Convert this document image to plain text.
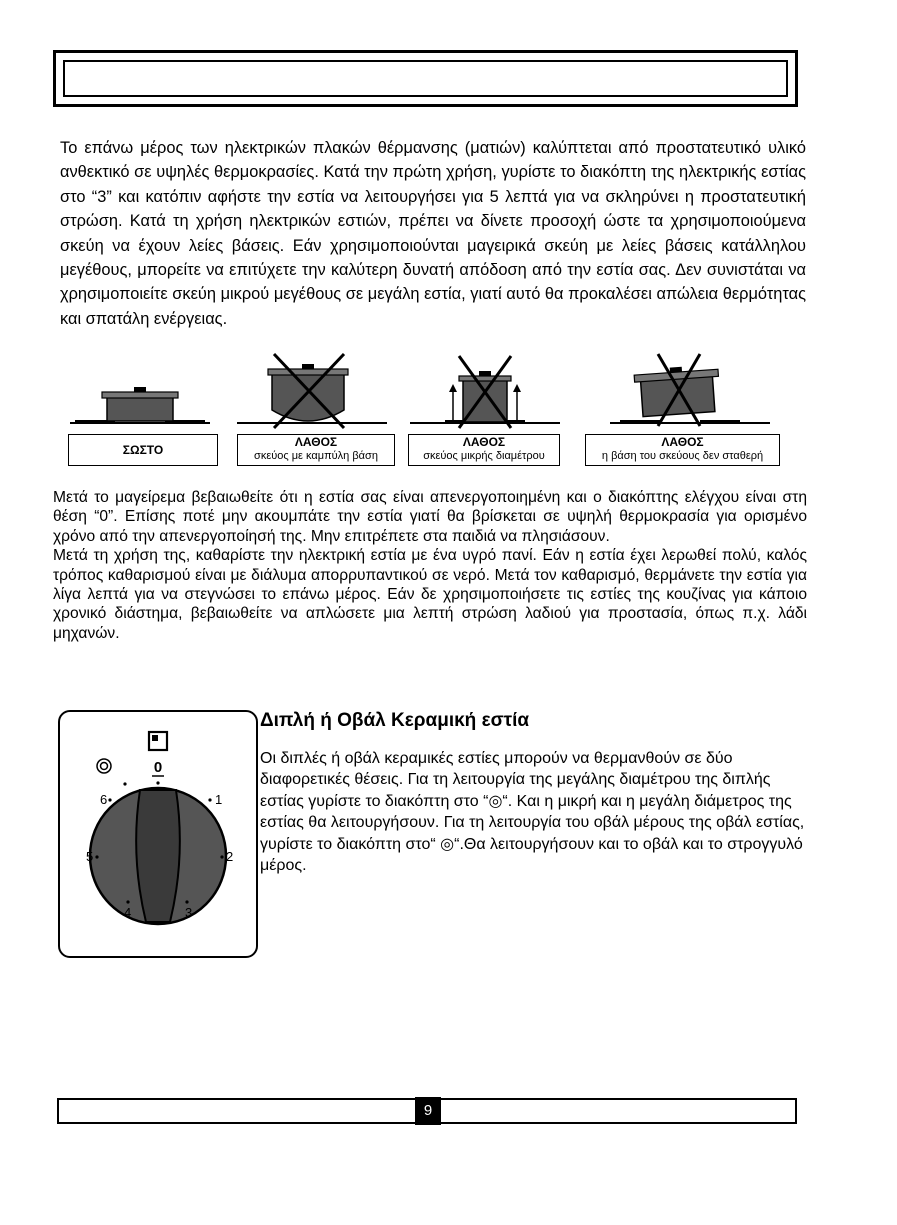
Το επάνω μέρος των ηλεκτρικών πλακών θέρμανσης (ματιών) καλύπτεται από προστατευτικό υλικό ανθεκτικό σε υψηλές θερμοκρασίες. Κατά την πρώτη χρήση, γυρίστε το διακόπτη της ηλεκτρικής εστίας στο “3” και κατόπιν αφήστε την εστία να λειτουργήσει για 5 λεπτά για να σκληρύνει η προστατευτική στρώση. Κατά τη χρήση ηλεκτρικών εστιών, πρέπει να δίνετε προσοχή ώστε τα χρησιμοποιούμενα σκεύη να έχουν λείες βάσεις. Εάν χρησιμοποιούνται μαγειρικά σκεύη με λείες βάσεις κατάλληλου μεγέθους, μπορείτε να επιτύχετε την καλύτερη δυνατή απόδοση από την εστία σας. Δεν συνιστάται να χρησιμοποιείτε σκεύη μικρού μεγέθους σε μεγάλη εστία, γιατί αυτό θα προκαλέσει απώλεια θερμότητας και σπατάλη ενέργειας.

ΣΩΣΤΟ
ΛΑΘΟΣ
σκεύος με καμπύλη βάση
ΛΑΘΟΣ
σκεύος μικρής διαμέτρου
ΛΑΘΟΣ
η βάση του σκεύους δεν σταθερή
Μετά το μαγείρεμα βεβαιωθείτε ότι η εστία σας είναι απενεργοποιημένη και ο διακόπτης ελέγχου είναι στη θέση “0”. Επίσης ποτέ μην ακουμπάτε την εστία γιατί θα βρίσκεται σε υψηλή θερμοκρασία για ορισμένο χρόνο από την απενεργοποίησή της. Μην επιτρέπετε στα παιδιά να πλησιάσουν.
Μετά τη χρήση της, καθαρίστε την ηλεκτρική εστία με ένα υγρό πανί. Εάν η εστία έχει λερωθεί πολύ, καλός τρόπος καθαρισμού είναι με διάλυμα απορρυπαντικού σε νερό. Μετά τον καθαρισμό, θερμάνετε την εστία για λίγα λεπτά για να στεγνώσει το επάνω μέρος. Εάν δε χρησιμοποιήσετε τις εστίες της κουζίνας για κάποιο χρονικό διάστημα, βεβαιωθείτε να απλώσετε μια λεπτή στρώση λαδιού για προστασία, όπως π.χ. λάδι μηχανών.
0
6	1
5	2
4	3
Διπλή ή Οβάλ Κεραμική εστία

Οι διπλές ή οβάλ κεραμικές εστίες μπορούν να θερμανθούν σε δύο διαφορετικές θέσεις. Για τη λειτουργία της μεγάλης διαμέτρου της διπλής εστίας γυρίστε το διακόπτη στο “◎“. Και η μικρή και η μεγάλη διάμετρος της εστίας θα λειτουργήσουν. Για τη λειτουργία του οβάλ μέρους της οβάλ εστίας, γυρίστε το διακόπτη στο“ ◎“.Θα λειτουργήσουν και το οβάλ και το στρογγυλό μέρος.

9
